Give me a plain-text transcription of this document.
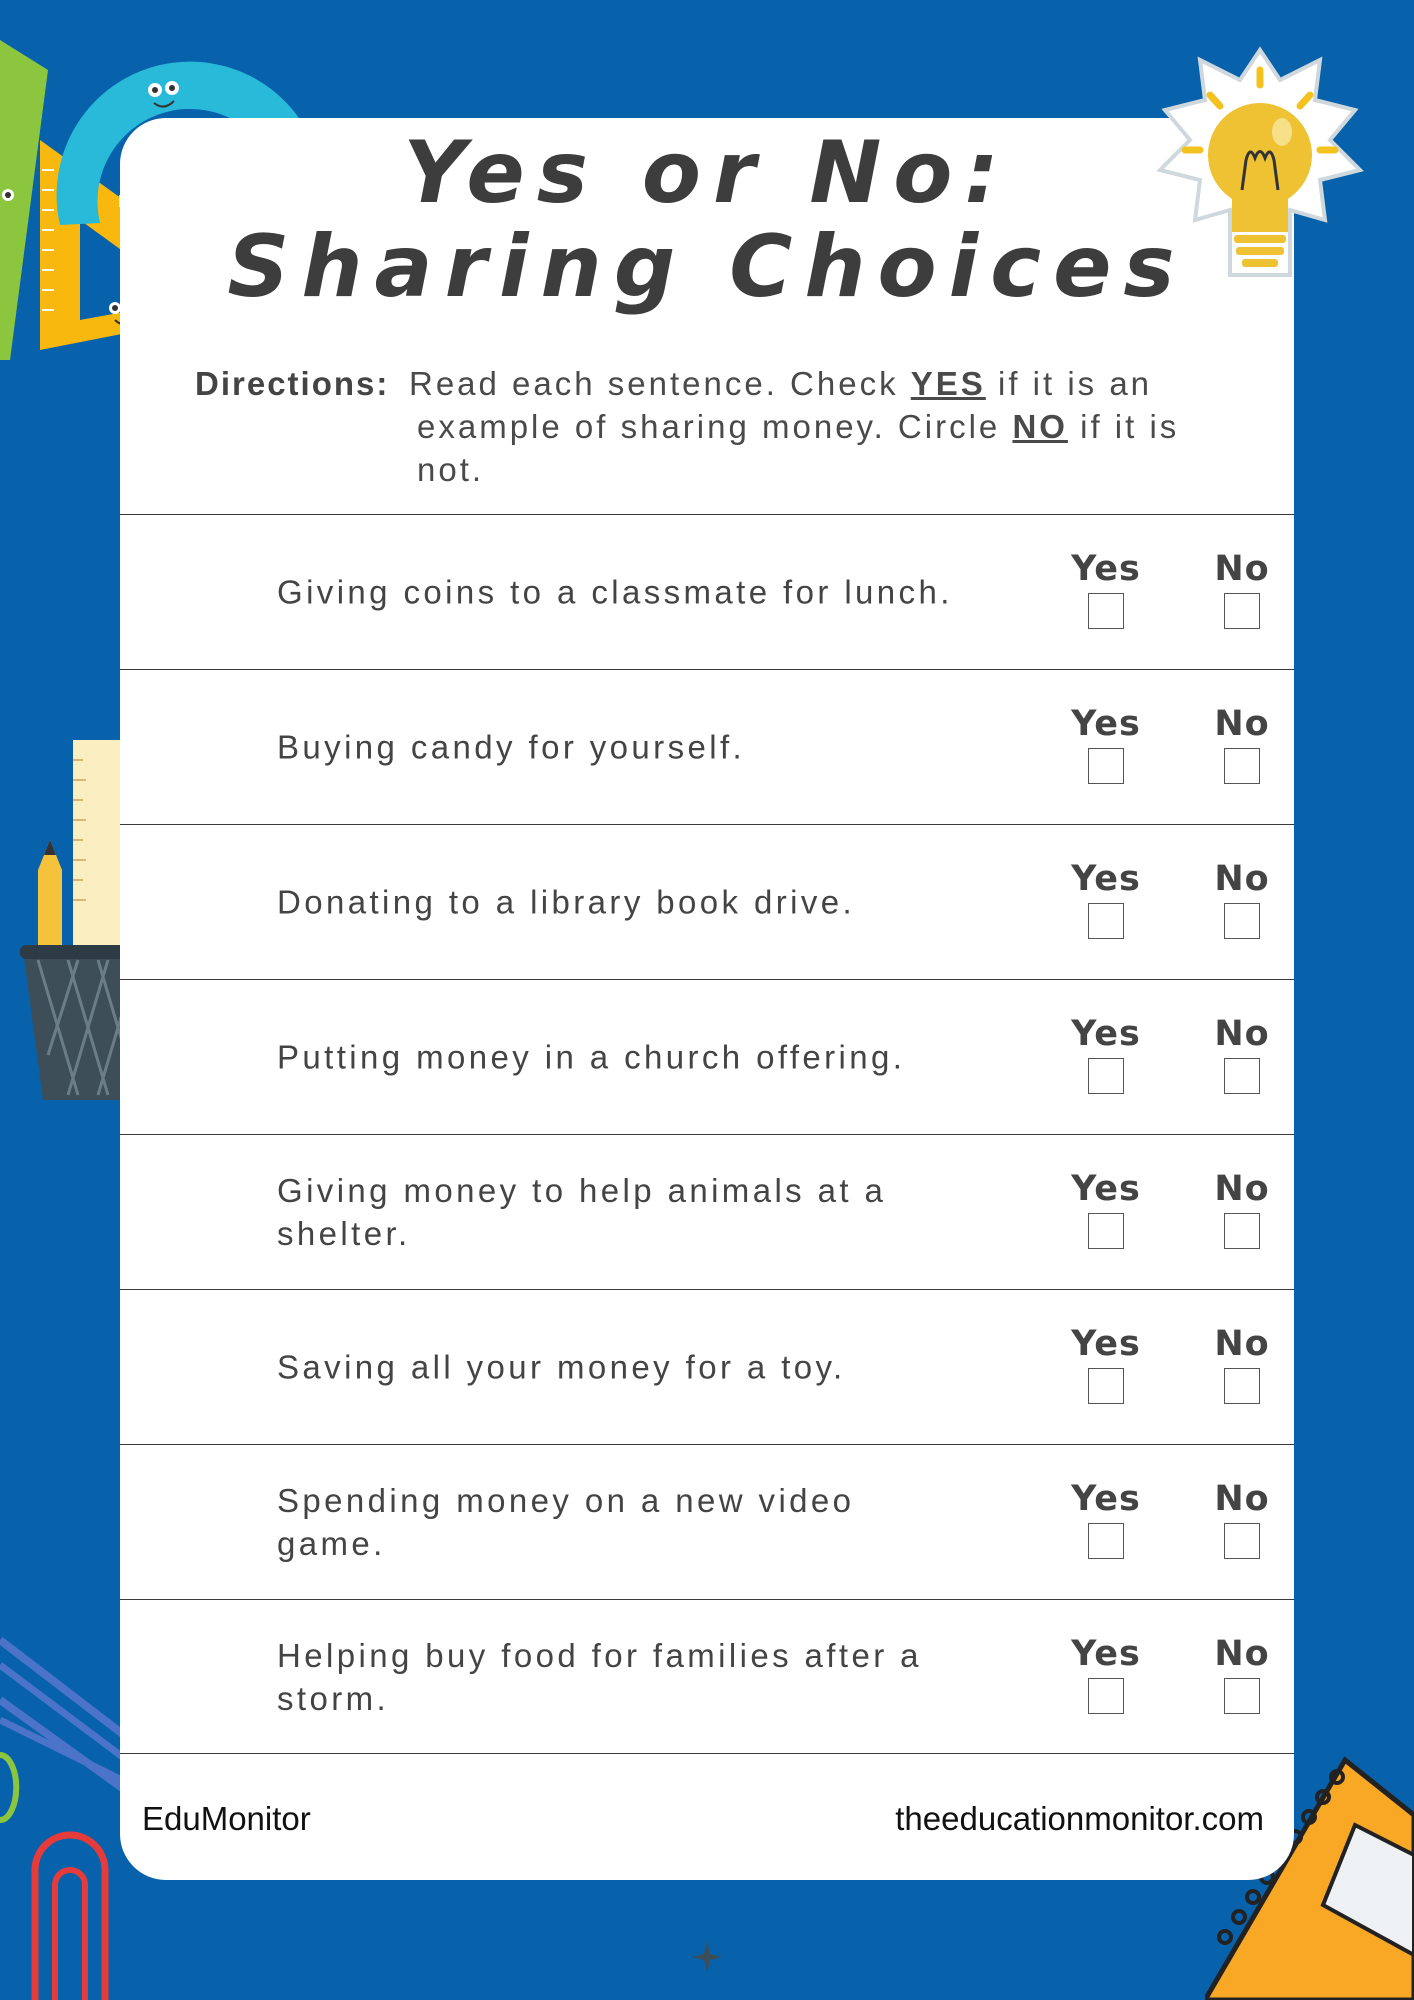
Yes or No:
Sharing Choices
Directions: Read each sentence. Check YES if it is an example of sharing money. Circle NO if it is not.
Giving coins to a classmate for lunch.
Yes	No
Buying candy for yourself.
Yes	No
Donating to a library book drive.
Yes	No
Putting money in a church offering.
Yes	No
Giving money to help animals at a shelter.
Yes	No
Saving all your money for a toy.
Yes	No
Spending money on a new video game.
Yes	No
Helping buy food for families after a storm.
Yes	No
EduMonitor	theeducationmonitor.com
